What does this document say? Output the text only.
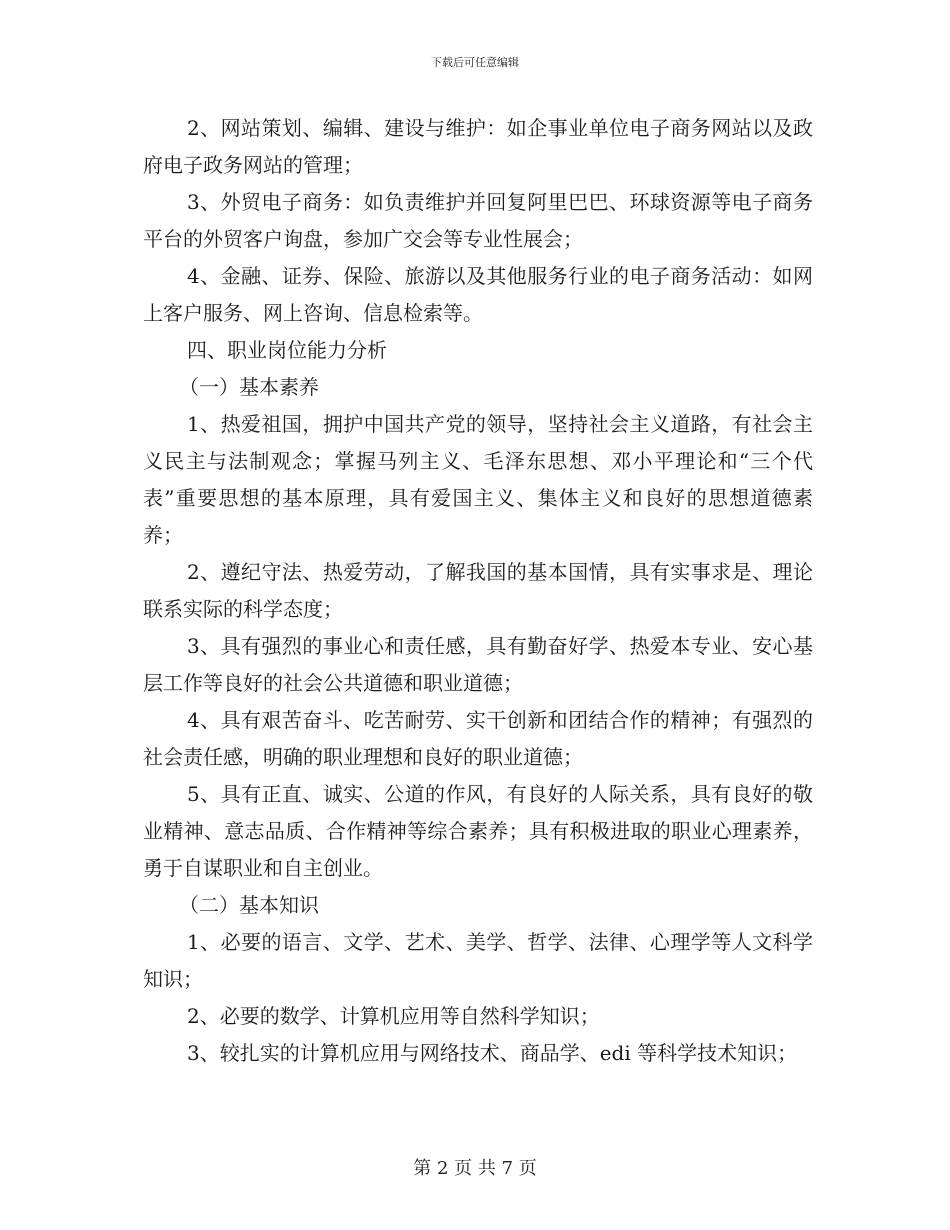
下载后可任意编辑

2、网站策划、编辑、建设与维护：如企事业单位电子商务网站以及政府电子政务网站的管理；

3、外贸电子商务：如负责维护并回复阿里巴巴、环球资源等电子商务平台的外贸客户询盘，参加广交会等专业性展会；

4、金融、证券、保险、旅游以及其他服务行业的电子商务活动：如网上客户服务、网上咨询、信息检索等。

四、职业岗位能力分析

（一）基本素养

1、热爱祖国，拥护中国共产党的领导，坚持社会主义道路，有社会主义民主与法制观念；掌握马列主义、毛泽东思想、邓小平理论和“三个代表”重要思想的基本原理，具有爱国主义、集体主义和良好的思想道德素养；

2、遵纪守法、热爱劳动，了解我国的基本国情，具有实事求是、理论联系实际的科学态度；

3、具有强烈的事业心和责任感，具有勤奋好学、热爱本专业、安心基层工作等良好的社会公共道德和职业道德；

4、具有艰苦奋斗、吃苦耐劳、实干创新和团结合作的精神；有强烈的社会责任感，明确的职业理想和良好的职业道德；

5、具有正直、诚实、公道的作风，有良好的人际关系，具有良好的敬业精神、意志品质、合作精神等综合素养；具有积极进取的职业心理素养，勇于自谋职业和自主创业。

（二）基本知识

1、必要的语言、文学、艺术、美学、哲学、法律、心理学等人文科学知识；

2、必要的数学、计算机应用等自然科学知识；

3、较扎实的计算机应用与网络技术、商品学、edi 等科学技术知识；

第 2 页 共 7 页
